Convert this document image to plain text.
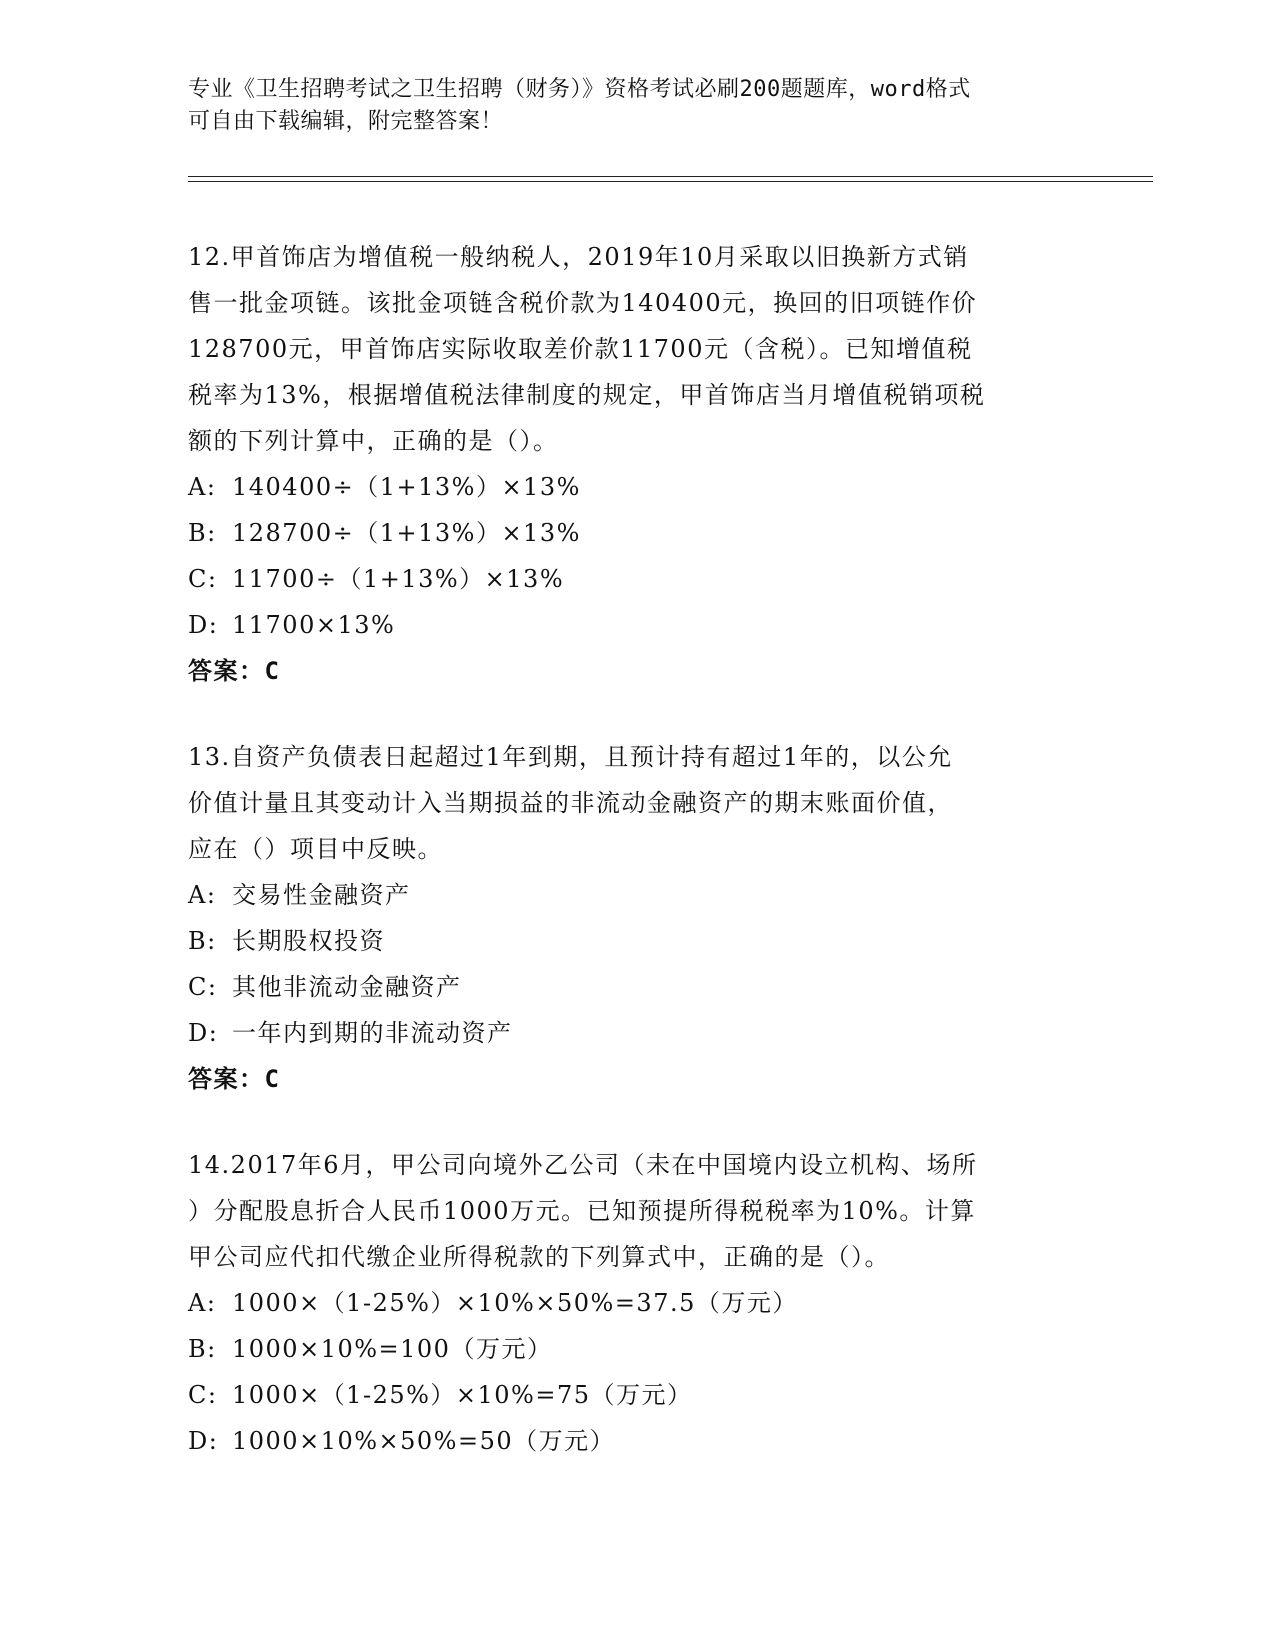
专业《卫生招聘考试之卫生招聘（财务）》资格考试必刷200题题库，word格式
可自由下载编辑，附完整答案！
12.甲首饰店为增值税一般纳税人，2019年10月采取以旧换新方式销
售一批金项链。该批金项链含税价款为140400元，换回的旧项链作价
128700元，甲首饰店实际收取差价款11700元（含税）。已知增值税
税率为13%，根据增值税法律制度的规定，甲首饰店当月增值税销项税
额的下列计算中，正确的是（）。
A: 140400÷（1+13%）×13%
B: 128700÷（1+13%）×13%
C: 11700÷（1+13%）×13%
D: 11700×13%
答案：C
13.自资产负债表日起超过1年到期，且预计持有超过1年的，以公允
价值计量且其变动计入当期损益的非流动金融资产的期末账面价值，
应在（）项目中反映。
A: 交易性金融资产
B: 长期股权投资
C: 其他非流动金融资产
D: 一年内到期的非流动资产
答案：C
14.2017年6月，甲公司向境外乙公司（未在中国境内设立机构、场所
）分配股息折合人民币1000万元。已知预提所得税税率为10%。计算
甲公司应代扣代缴企业所得税款的下列算式中，正确的是（）。
A: 1000×（1-25%）×10%×50%=37.5（万元）
B: 1000×10%=100（万元）
C: 1000×（1-25%）×10%=75（万元）
D: 1000×10%×50%=50（万元）
